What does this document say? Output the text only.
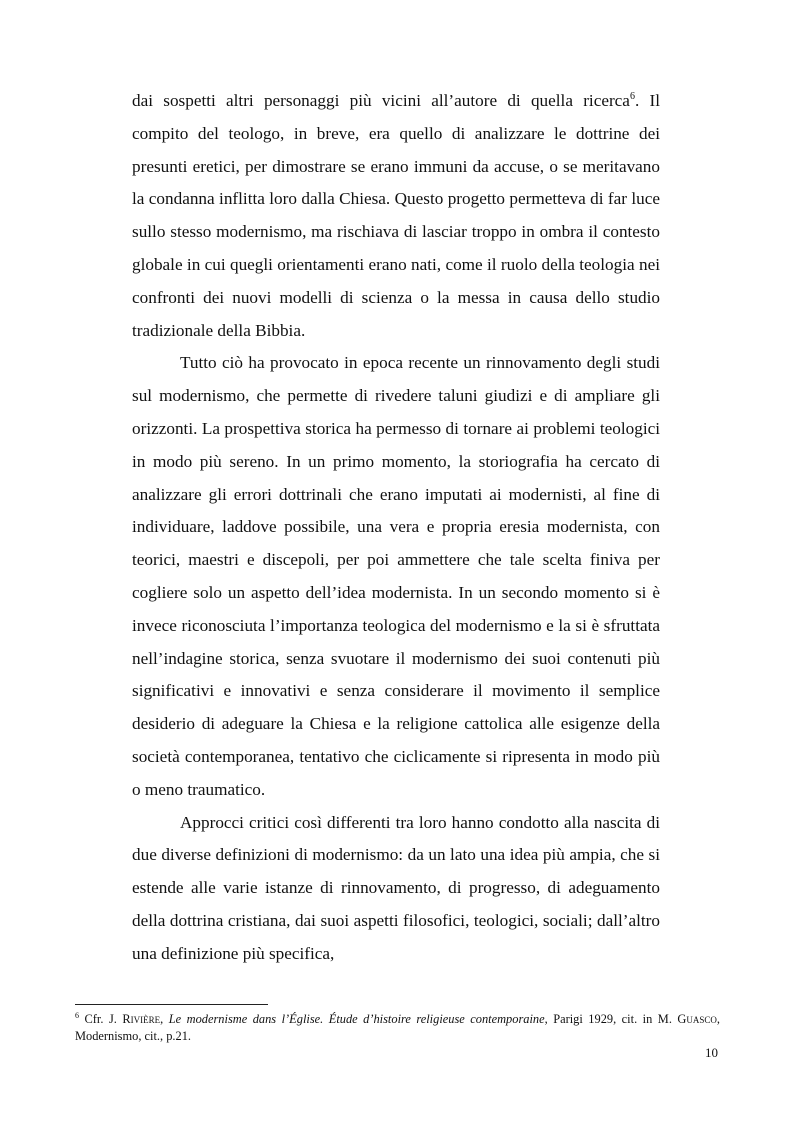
dai sospetti altri personaggi più vicini all’autore di quella ricerca$^6$. Il compito del teologo, in breve, era quello di analizzare le dottrine dei presunti eretici, per dimostrare se erano immuni da accuse, o se meritavano la condanna inflitta loro dalla Chiesa. Questo progetto permetteva di far luce sullo stesso modernismo, ma rischiava di lasciar troppo in ombra il contesto globale in cui quegli orientamenti erano nati, come il ruolo della teologia nei confronti dei nuovi modelli di scienza o la messa in causa dello studio tradizionale della Bibbia.

Tutto ciò ha provocato in epoca recente un rinnovamento degli studi sul modernismo, che permette di rivedere taluni giudizi e di ampliare gli orizzonti. La prospettiva storica ha permesso di tornare ai problemi teologici in modo più sereno. In un primo momento, la storiografia ha cercato di analizzare gli errori dottrinali che erano imputati ai modernisti, al fine di individuare, laddove possibile, una vera e propria eresia modernista, con teorici, maestri e discepoli, per poi ammettere che tale scelta finiva per cogliere solo un aspetto dell’idea modernista. In un secondo momento si è invece riconosciuta l’importanza teologica del modernismo e la si è sfruttata nell’indagine storica, senza svuotare il modernismo dei suoi contenuti più significativi e innovativi e senza considerare il movimento il semplice desiderio di adeguare la Chiesa e la religione cattolica alle esigenze della società contemporanea, tentativo che ciclicamente si ripresenta in modo più o meno traumatico.

Approcci critici così differenti tra loro hanno condotto alla nascita di due diverse definizioni di modernismo: da un lato una idea più ampia, che si estende alle varie istanze di rinnovamento, di progresso, di adeguamento della dottrina cristiana, dai suoi aspetti filosofici, teologici, sociali; dall’altro una definizione più specifica,

$^6$ Cfr. J. Rivière, Le modernisme dans l’Église. Étude d’histoire religieuse contemporaine, Parigi 1929, cit. in M. Guasco, Modernismo, cit., p.21.
10
